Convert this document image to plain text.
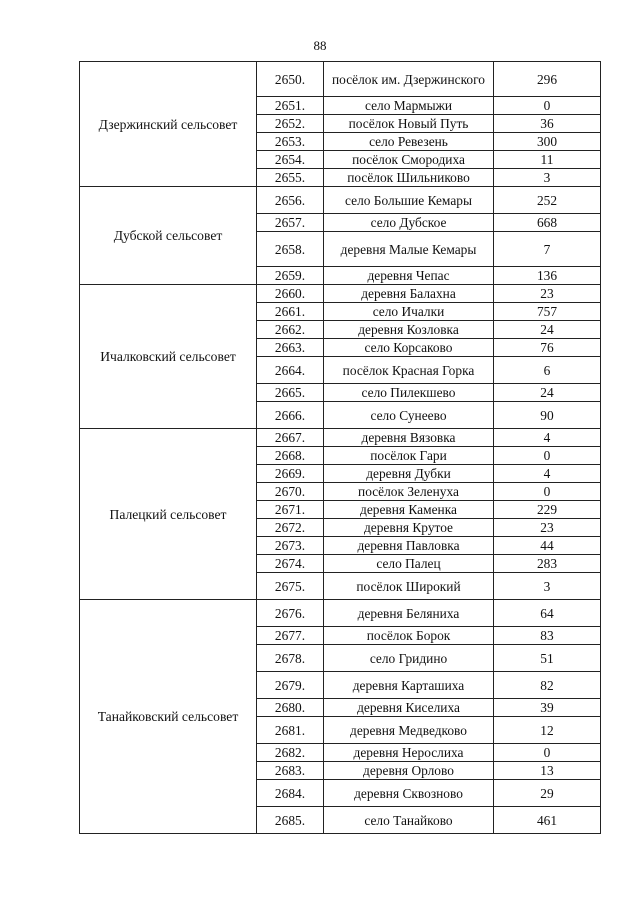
88
Дзержинский сельсовет	2650.	посёлок им. Дзержинского	296
	2651.	село Мармыжи	0
	2652.	посёлок Новый Путь	36
	2653.	село Ревезень	300
	2654.	посёлок Смородиха	11
	2655.	посёлок Шильниково	3
Дубской сельсовет	2656.	село Большие Кемары	252
	2657.	село Дубское	668
	2658.	деревня Малые Кемары	7
	2659.	деревня Чепас	136
Ичалковский сельсовет	2660.	деревня Балахна	23
	2661.	село Ичалки	757
	2662.	деревня Козловка	24
	2663.	село Корсаково	76
	2664.	посёлок Красная Горка	6
	2665.	село Пилекшево	24
	2666.	село Сунеево	90
Палецкий сельсовет	2667.	деревня Вязовка	4
	2668.	посёлок Гари	0
	2669.	деревня Дубки	4
	2670.	посёлок Зеленуха	0
	2671.	деревня Каменка	229
	2672.	деревня Крутое	23
	2673.	деревня Павловка	44
	2674.	село Палец	283
	2675.	посёлок Широкий	3
Танайковский сельсовет	2676.	деревня Беляниха	64
	2677.	посёлок Борок	83
	2678.	село Гридино	51
	2679.	деревня Карташиха	82
	2680.	деревня Киселиха	39
	2681.	деревня Медведково	12
	2682.	деревня Нерослиха	0
	2683.	деревня Орлово	13
	2684.	деревня Сквозново	29
	2685.	село Танайково	461
